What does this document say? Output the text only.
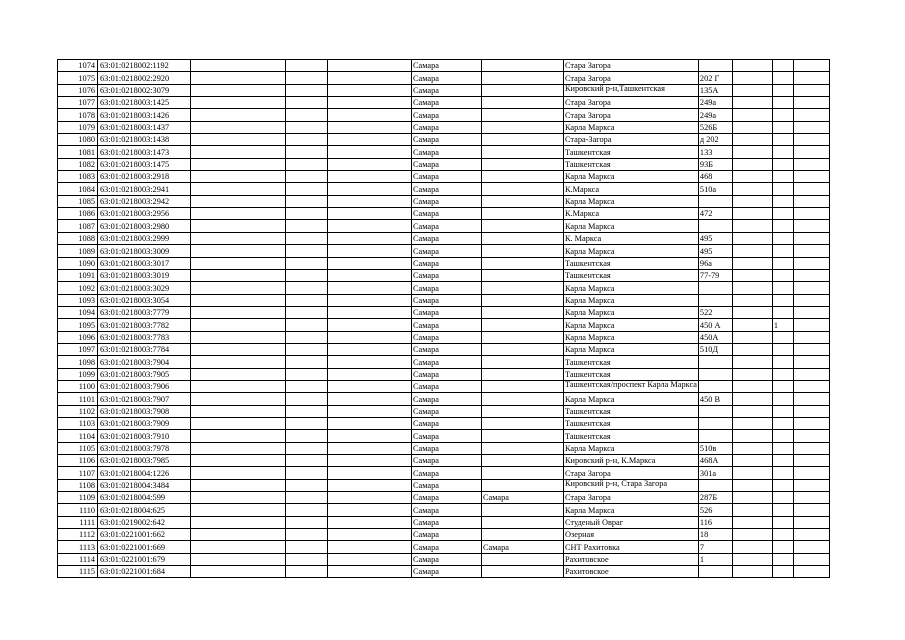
1074	63:01:0218002:1192				Самара		Стара Загора				
1075	63:01:0218002:2920				Самара		Стара Загора	202 Г			
1076	63:01:0218002:3079				Самара		Кировский р-н,Ташкентская	135А			
1077	63:01:0218003:1425				Самара		Стара Загора	249а			
1078	63:01:0218003:1426				Самара		Стара Загора	249а			
1079	63:01:0218003:1437				Самара		Карла Маркса	526Б			
1080	63:01:0218003:1438				Самара		Стара-Загора	д 202			
1081	63:01:0218003:1473				Самара		Ташкентская	133			
1082	63:01:0218003:1475				Самара		Ташкентская	93Б			
1083	63:01:0218003:2918				Самара		Карла Маркса	468			
1084	63:01:0218003:2941				Самара		К.Маркса	510а			
1085	63:01:0218003:2942				Самара		Карла Маркса				
1086	63:01:0218003:2956				Самара		К.Маркса	472			
1087	63:01:0218003:2980				Самара		Карла Маркса				
1088	63:01:0218003:2999				Самара		К. Маркса	495			
1089	63:01:0218003:3009				Самара		Карла Маркса	495			
1090	63:01:0218003:3017				Самара		Ташкентская	96а			
1091	63:01:0218003:3019				Самара		Ташкентская	77-79			
1092	63:01:0218003:3029				Самара		Карла Маркса				
1093	63:01:0218003:3054				Самара		Карла Маркса				
1094	63:01:0218003:7779				Самара		Карла Маркса	522			
1095	63:01:0218003:7782				Самара		Карла Маркса	450 А		1	
1096	63:01:0218003:7783				Самара		Карла Маркса	450А			
1097	63:01:0218003:7784				Самара		Карла Маркса	510Д			
1098	63:01:0218003:7904				Самара		Ташкентская				
1099	63:01:0218003:7905				Самара		Ташкентская				
1100	63:01:0218003:7906				Самара		Ташкентская/проспект Карла Маркса				
1101	63:01:0218003:7907				Самара		Карла Маркса	450 В			
1102	63:01:0218003:7908				Самара		Ташкентская				
1103	63:01:0218003:7909				Самара		Ташкентская				
1104	63:01:0218003:7910				Самара		Ташкентская				
1105	63:01:0218003:7978				Самара		Карла Маркса	510в			
1106	63:01:0218003:7985				Самара		Кировский р-н, К.Маркса	468А			
1107	63:01:0218004:1226				Самара		Стара Загора	301а			
1108	63:01:0218004:3484				Самара		Кировский р-н, Стара Загора				
1109	63:01:0218004:599				Самара	Самара	Стара Загора	287Б			
1110	63:01:0218004:625				Самара		Карла Маркса	526			
1111	63:01:0219002:642				Самара		Студеный Овраг	116			
1112	63:01:0221001:662				Самара		Озерная	18			
1113	63:01:0221001:669				Самара	Самара	СНТ Рахитовка	7			
1114	63:01:0221001:679				Самара		Рахитовское	1			
1115	63:01:0221001:684				Самара		Рахитовское				
